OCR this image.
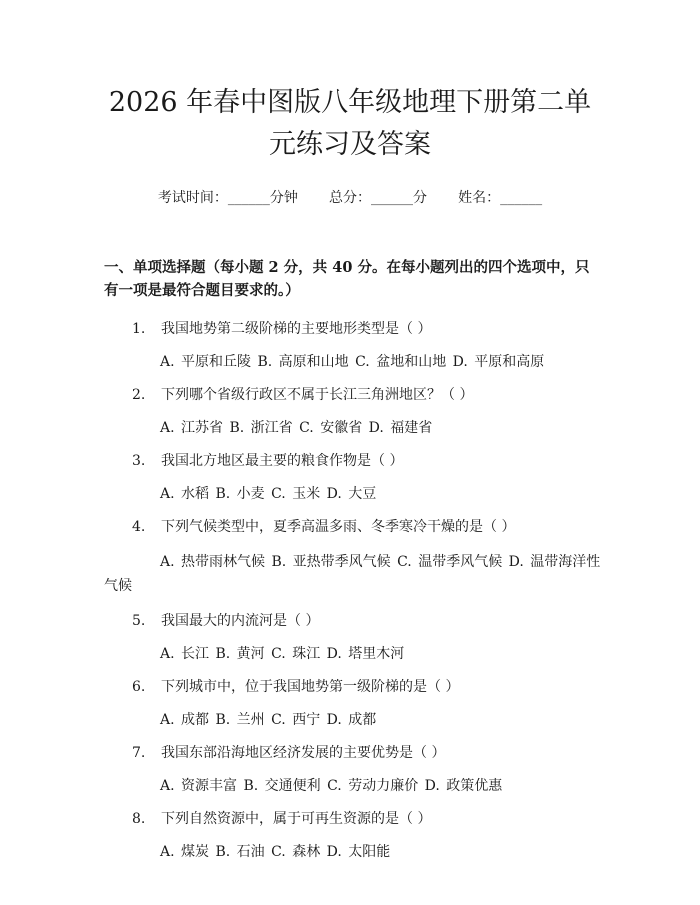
2026 年春中图版八年级地理下册第二单元练习及答案
考试时间：______分钟 总分：______分 姓名：______
一、单项选择题（每小题 2 分，共 40 分。在每小题列出的四个选项中，只有一项是最符合题目要求的。）
1.	我国地势第二级阶梯的主要地形类型是（ ）
A. 平原和丘陵 B. 高原和山地 C. 盆地和山地 D. 平原和高原
2.	下列哪个省级行政区不属于长江三角洲地区？（ ）
A. 江苏省 B. 浙江省 C. 安徽省 D. 福建省
3.	我国北方地区最主要的粮食作物是（ ）
A. 水稻 B. 小麦 C. 玉米 D. 大豆
4.	下列气候类型中，夏季高温多雨、冬季寒冷干燥的是（ ）
A. 热带雨林气候 B. 亚热带季风气候 C. 温带季风气候 D. 温带海洋性气候
5.	我国最大的内流河是（ ）
A. 长江 B. 黄河 C. 珠江 D. 塔里木河
6.	下列城市中，位于我国地势第一级阶梯的是（ ）
A. 成都 B. 兰州 C. 西宁 D. 成都
7.	我国东部沿海地区经济发展的主要优势是（ ）
A. 资源丰富 B. 交通便利 C. 劳动力廉价 D. 政策优惠
8.	下列自然资源中，属于可再生资源的是（ ）
A. 煤炭 B. 石油 C. 森林 D. 太阳能
